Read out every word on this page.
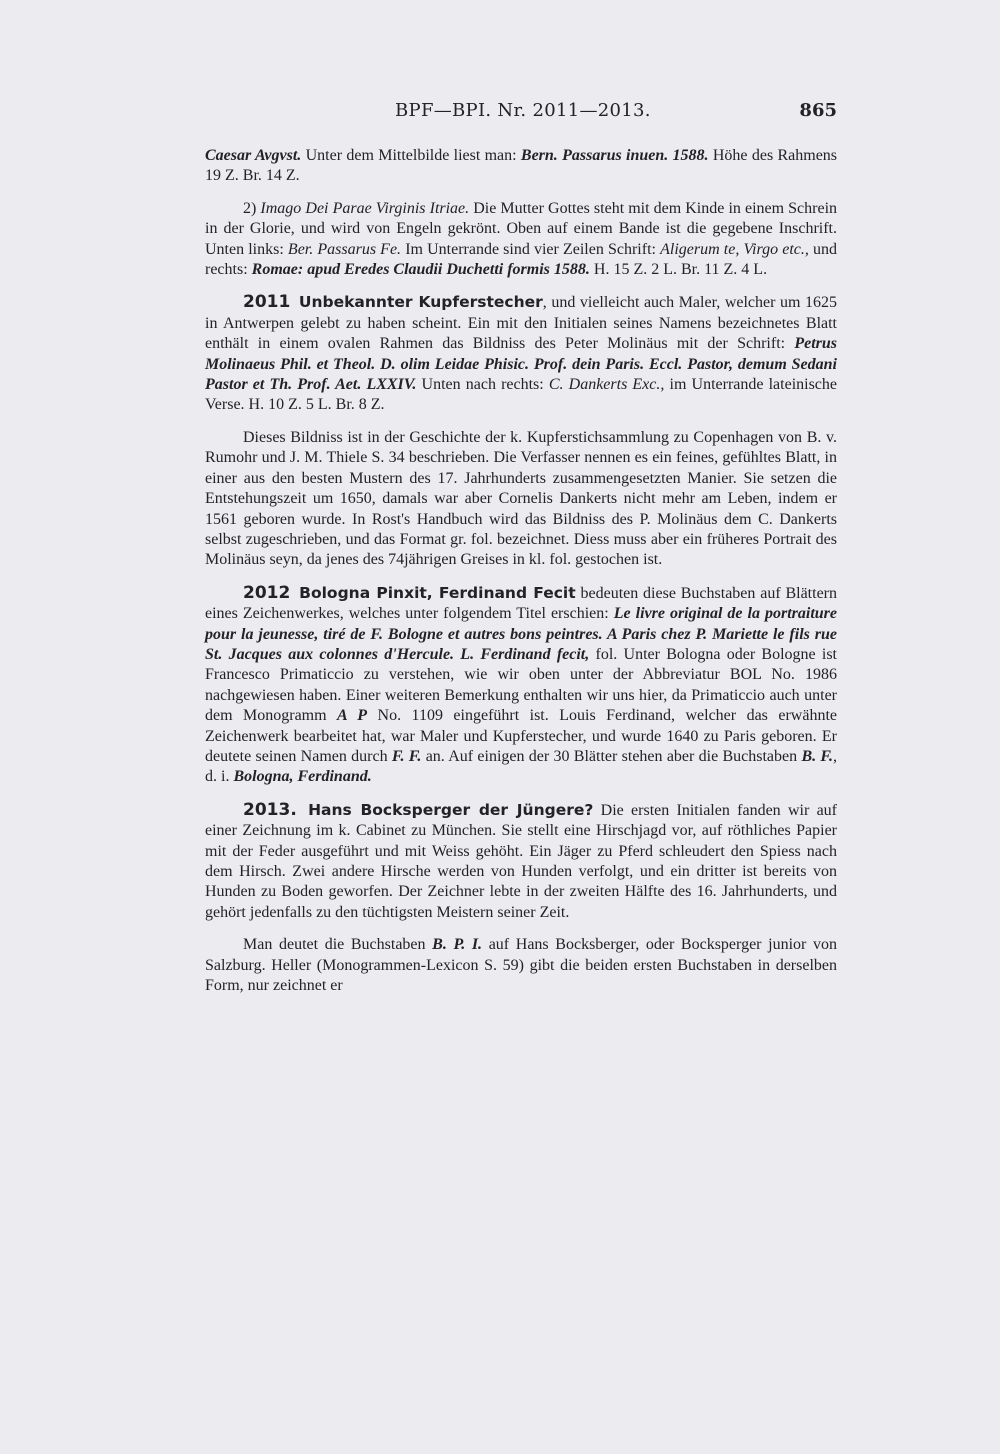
BPF—BPI. Nr. 2011—2013.	865

Caesar Avgvst. Unter dem Mittelbilde liest man: Bern. Passarus inuen. 1588. Höhe des Rahmens 19 Z. Br. 14 Z.

2) Imago Dei Parae Virginis Itriae. Die Mutter Gottes steht mit dem Kinde in einem Schrein in der Glorie, und wird von Engeln gekrönt. Oben auf einem Bande ist die gegebene Inschrift. Unten links: Ber. Passarus Fe. Im Unterrande sind vier Zeilen Schrift: Aligerum te, Virgo etc., und rechts: Romae: apud Eredes Claudii Duchetti formis 1588. H. 15 Z. 2 L. Br. 11 Z. 4 L.

2011 Unbekannter Kupferstecher, und vielleicht auch Maler, welcher um 1625 in Antwerpen gelebt zu haben scheint. Ein mit den Initialen seines Namens bezeichnetes Blatt enthält in einem ovalen Rahmen das Bildniss des Peter Molinäus mit der Schrift: Petrus Molinaeus Phil. et Theol. D. olim Leidae Phisic. Prof. dein Paris. Eccl. Pastor, demum Sedani Pastor et Th. Prof. Aet. LXXIV. Unten nach rechts: C. Dankerts Exc., im Unterrande lateinische Verse. H. 10 Z. 5 L. Br. 8 Z.

Dieses Bildniss ist in der Geschichte der k. Kupferstichsammlung zu Copenhagen von B. v. Rumohr und J. M. Thiele S. 34 beschrieben. Die Verfasser nennen es ein feines, gefühltes Blatt, in einer aus den besten Mustern des 17. Jahrhunderts zusammengesetzten Manier. Sie setzen die Entstehungszeit um 1650, damals war aber Cornelis Dankerts nicht mehr am Leben, indem er 1561 geboren wurde. In Rost's Handbuch wird das Bildniss des P. Molinäus dem C. Dankerts selbst zugeschrieben, und das Format gr. fol. bezeichnet. Diess muss aber ein früheres Portrait des Molinäus seyn, da jenes des 74jährigen Greises in kl. fol. gestochen ist.

2012 Bologna Pinxit, Ferdinand Fecit bedeuten diese Buchstaben auf Blättern eines Zeichenwerkes, welches unter folgendem Titel erschien: Le livre original de la portraiture pour la jeunesse, tiré de F. Bologne et autres bons peintres. A Paris chez P. Mariette le fils rue St. Jacques aux colonnes d'Hercule. L. Ferdinand fecit, fol. Unter Bologna oder Bologne ist Francesco Primaticcio zu verstehen, wie wir oben unter der Abbreviatur BOL No. 1986 nachgewiesen haben. Einer weiteren Bemerkung enthalten wir uns hier, da Primaticcio auch unter dem Monogramm A P No. 1109 eingeführt ist. Louis Ferdinand, welcher das erwähnte Zeichenwerk bearbeitet hat, war Maler und Kupferstecher, und wurde 1640 zu Paris geboren. Er deutete seinen Namen durch F. F. an. Auf einigen der 30 Blätter stehen aber die Buchstaben B. F., d. i. Bologna, Ferdinand.

2013. Hans Bocksperger der Jüngere? Die ersten Initialen fanden wir auf einer Zeichnung im k. Cabinet zu München. Sie stellt eine Hirschjagd vor, auf röthliches Papier mit der Feder ausgeführt und mit Weiss gehöht. Ein Jäger zu Pferd schleudert den Spiess nach dem Hirsch. Zwei andere Hirsche werden von Hunden verfolgt, und ein dritter ist bereits von Hunden zu Boden geworfen. Der Zeichner lebte in der zweiten Hälfte des 16. Jahrhunderts, und gehört jedenfalls zu den tüchtigsten Meistern seiner Zeit.

Man deutet die Buchstaben B. P. I. auf Hans Bocksberger, oder Bocksperger junior von Salzburg. Heller (Monogrammen-Lexicon S. 59) gibt die beiden ersten Buchstaben in derselben Form, nur zeichnet er
